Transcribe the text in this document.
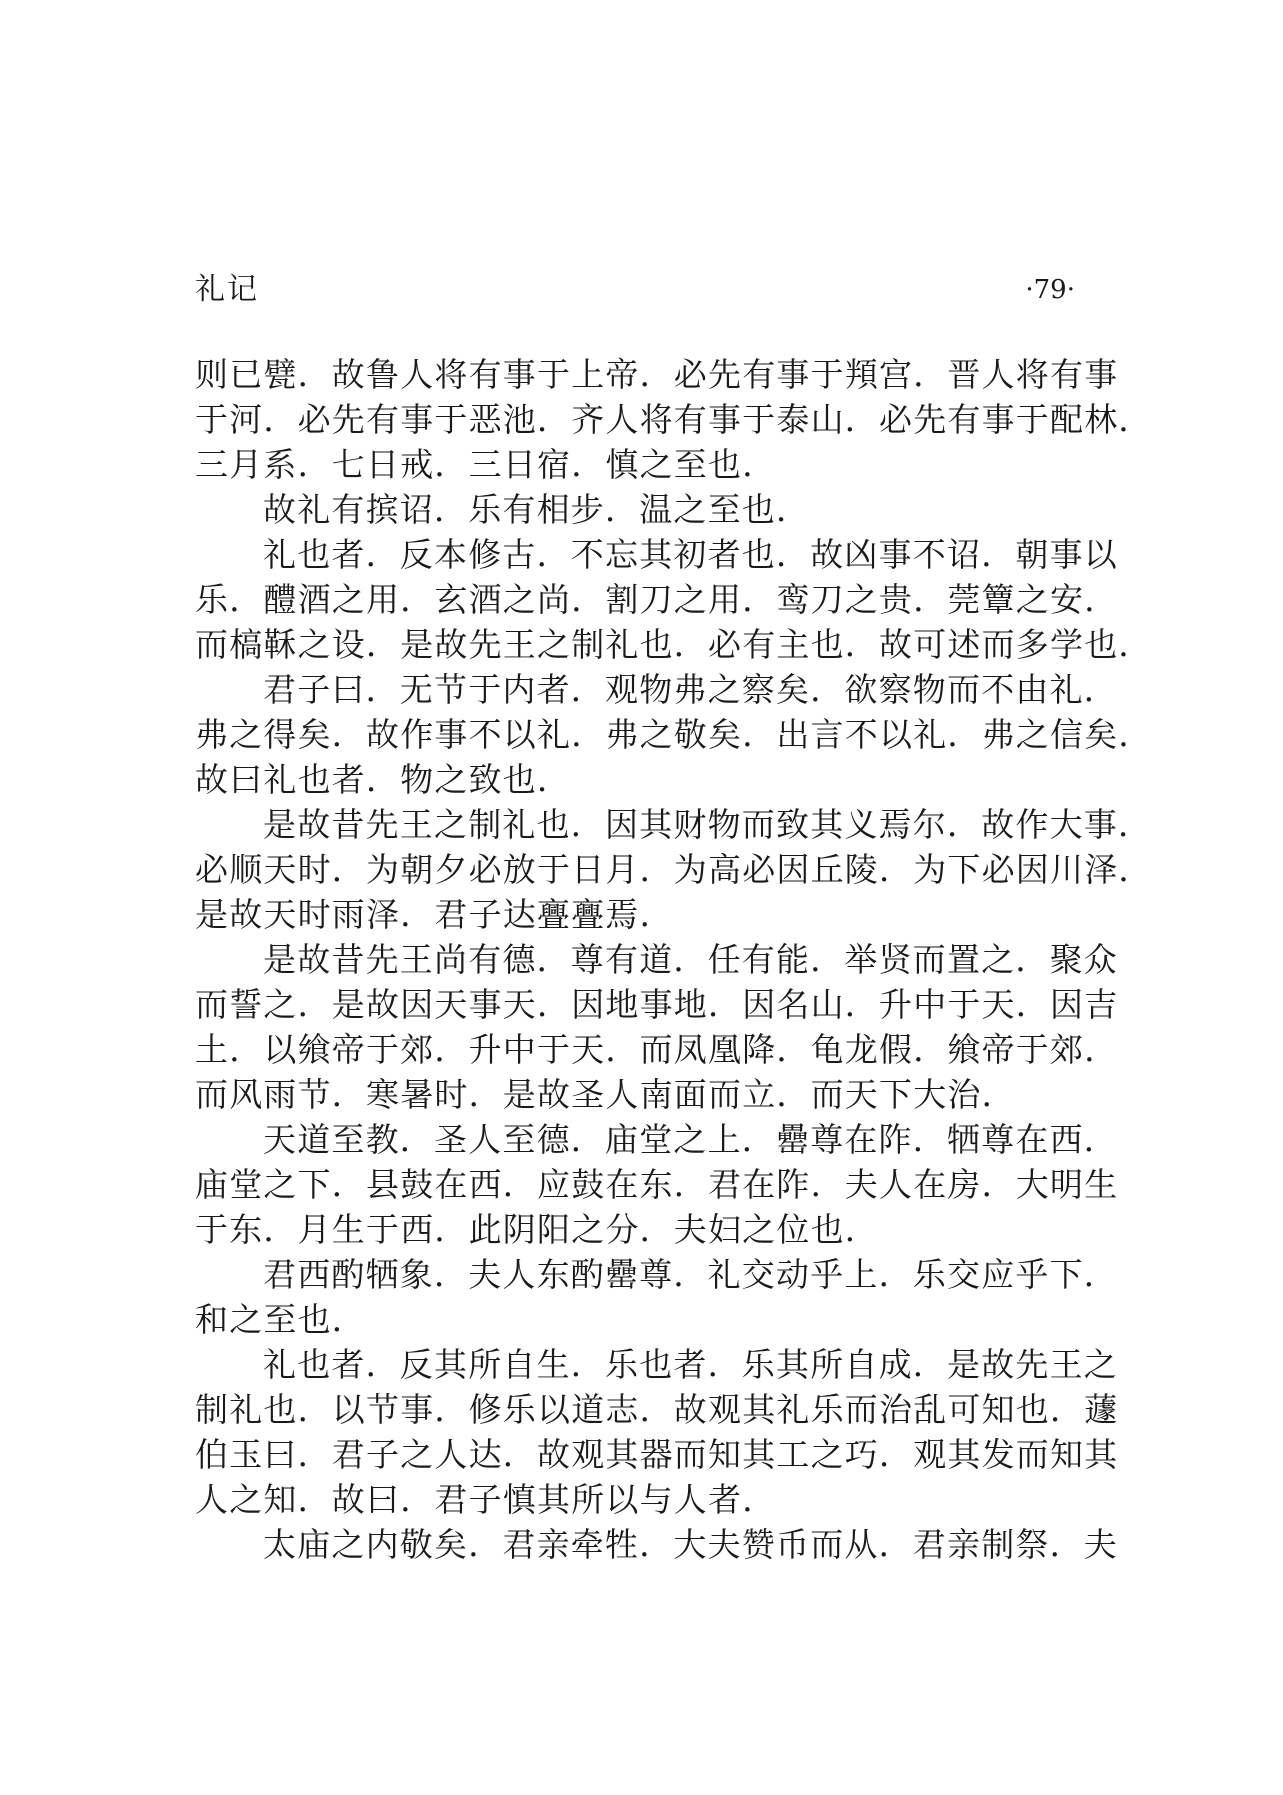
礼记	·79·
则已甓．故鲁人将有事于上帝．必先有事于頖宫．晋人将有事
于河．必先有事于恶池．齐人将有事于泰山．必先有事于配林．
三月系．七日戒．三日宿．慎之至也．
故礼有摈诏．乐有相步．温之至也．
礼也者．反本修古．不忘其初者也．故凶事不诏．朝事以
乐．醴酒之用．玄酒之尚．割刀之用．鸾刀之贵．莞簟之安．
而槁鞂之设．是故先王之制礼也．必有主也．故可述而多学也．
君子曰．无节于内者．观物弗之察矣．欲察物而不由礼．
弗之得矣．故作事不以礼．弗之敬矣．出言不以礼．弗之信矣．
故曰礼也者．物之致也．
是故昔先王之制礼也．因其财物而致其义焉尔．故作大事．
必顺天时．为朝夕必放于日月．为高必因丘陵．为下必因川泽．
是故天时雨泽．君子达亹亹焉．
是故昔先王尚有德．尊有道．任有能．举贤而置之．聚众
而誓之．是故因天事天．因地事地．因名山．升中于天．因吉
土．以飨帝于郊．升中于天．而凤凰降．龟龙假．飨帝于郊．
而风雨节．寒暑时．是故圣人南面而立．而天下大治．
天道至教．圣人至德．庙堂之上．罍尊在阼．牺尊在西．
庙堂之下．县鼓在西．应鼓在东．君在阼．夫人在房．大明生
于东．月生于西．此阴阳之分．夫妇之位也．
君西酌牺象．夫人东酌罍尊．礼交动乎上．乐交应乎下．
和之至也．
礼也者．反其所自生．乐也者．乐其所自成．是故先王之
制礼也．以节事．修乐以道志．故观其礼乐而治乱可知也．蘧
伯玉曰．君子之人达．故观其器而知其工之巧．观其发而知其
人之知．故曰．君子慎其所以与人者．
太庙之内敬矣．君亲牵牲．大夫赞币而从．君亲制祭．夫
